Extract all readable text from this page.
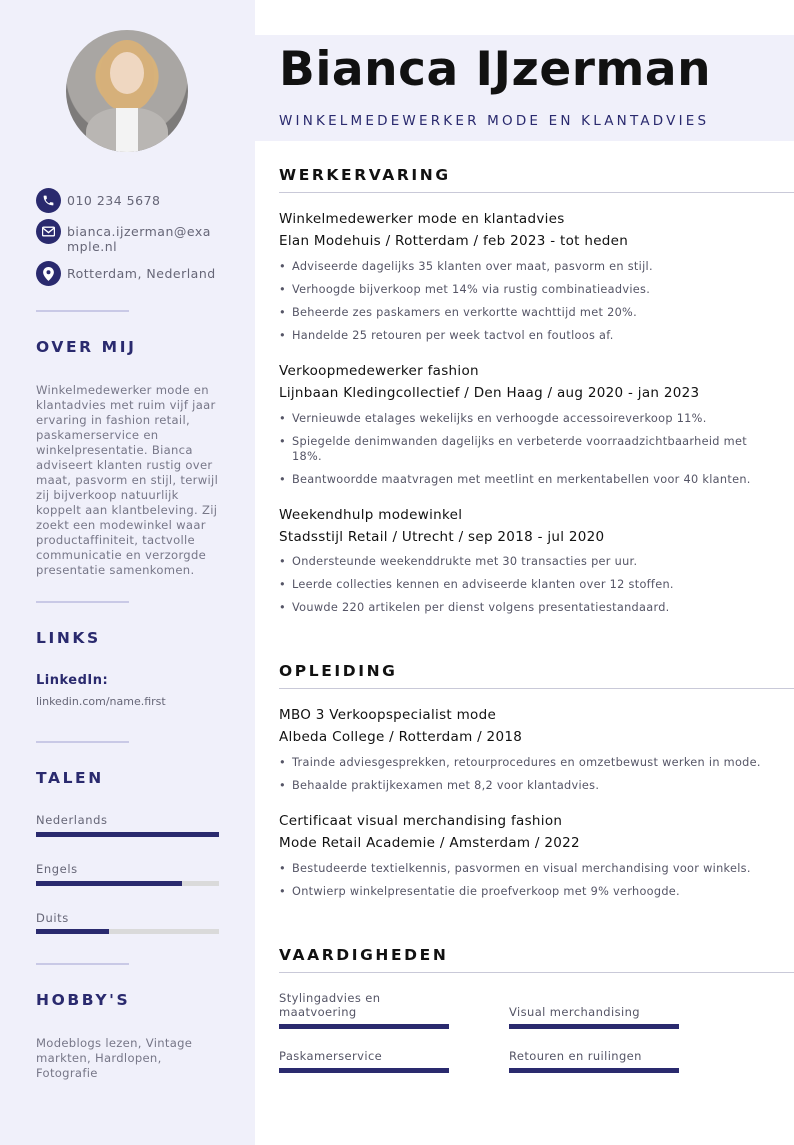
010 234 5678
bianca.ijzerman@example.nl
Rotterdam, Nederland
OVER MIJ
Winkelmedewerker mode en klantadvies met ruim vijf jaar ervaring in fashion retail, paskamerservice en winkelpresentatie. Bianca adviseert klanten rustig over maat, pasvorm en stijl, terwijl zij bijverkoop natuurlijk koppelt aan klantbeleving. Zij zoekt een modewinkel waar productaffiniteit, tactvolle communicatie en verzorgde presentatie samenkomen.
LINKS
LinkedIn:
linkedin.com/name.first
TALEN
Nederlands
Engels
Duits
HOBBY'S
Modeblogs lezen, Vintage markten, Hardlopen, Fotografie
Bianca IJzerman
WINKELMEDEWERKER MODE EN KLANTADVIES
WERKERVARING
Winkelmedewerker mode en klantadvies
Elan Modehuis / Rotterdam / feb 2023 - tot heden
• Adviseerde dagelijks 35 klanten over maat, pasvorm en stijl.
• Verhoogde bijverkoop met 14% via rustig combinatieadvies.
• Beheerde zes paskamers en verkortte wachttijd met 20%.
• Handelde 25 retouren per week tactvol en foutloos af.
Verkoopmedewerker fashion
Lijnbaan Kledingcollectief / Den Haag / aug 2020 - jan 2023
• Vernieuwde etalages wekelijks en verhoogde accessoireverkoop 11%.
• Spiegelde denimwanden dagelijks en verbeterde voorraadzichtbaarheid met 18%.
• Beantwoordde maatvragen met meetlint en merkentabellen voor 40 klanten.
Weekendhulp modewinkel
Stadsstijl Retail / Utrecht / sep 2018 - jul 2020
• Ondersteunde weekenddrukte met 30 transacties per uur.
• Leerde collecties kennen en adviseerde klanten over 12 stoffen.
• Vouwde 220 artikelen per dienst volgens presentatiestandaard.
OPLEIDING
MBO 3 Verkoopspecialist mode
Albeda College / Rotterdam / 2018
• Trainde adviesgesprekken, retourprocedures en omzetbewust werken in mode.
• Behaalde praktijkexamen met 8,2 voor klantadvies.
Certificaat visual merchandising fashion
Mode Retail Academie / Amsterdam / 2022
• Bestudeerde textielkennis, pasvormen en visual merchandising voor winkels.
• Ontwierp winkelpresentatie die proefverkoop met 9% verhoogde.
VAARDIGHEDEN
Stylingadvies en maatvoering	Visual merchandising
Paskamerservice	Retouren en ruilingen
